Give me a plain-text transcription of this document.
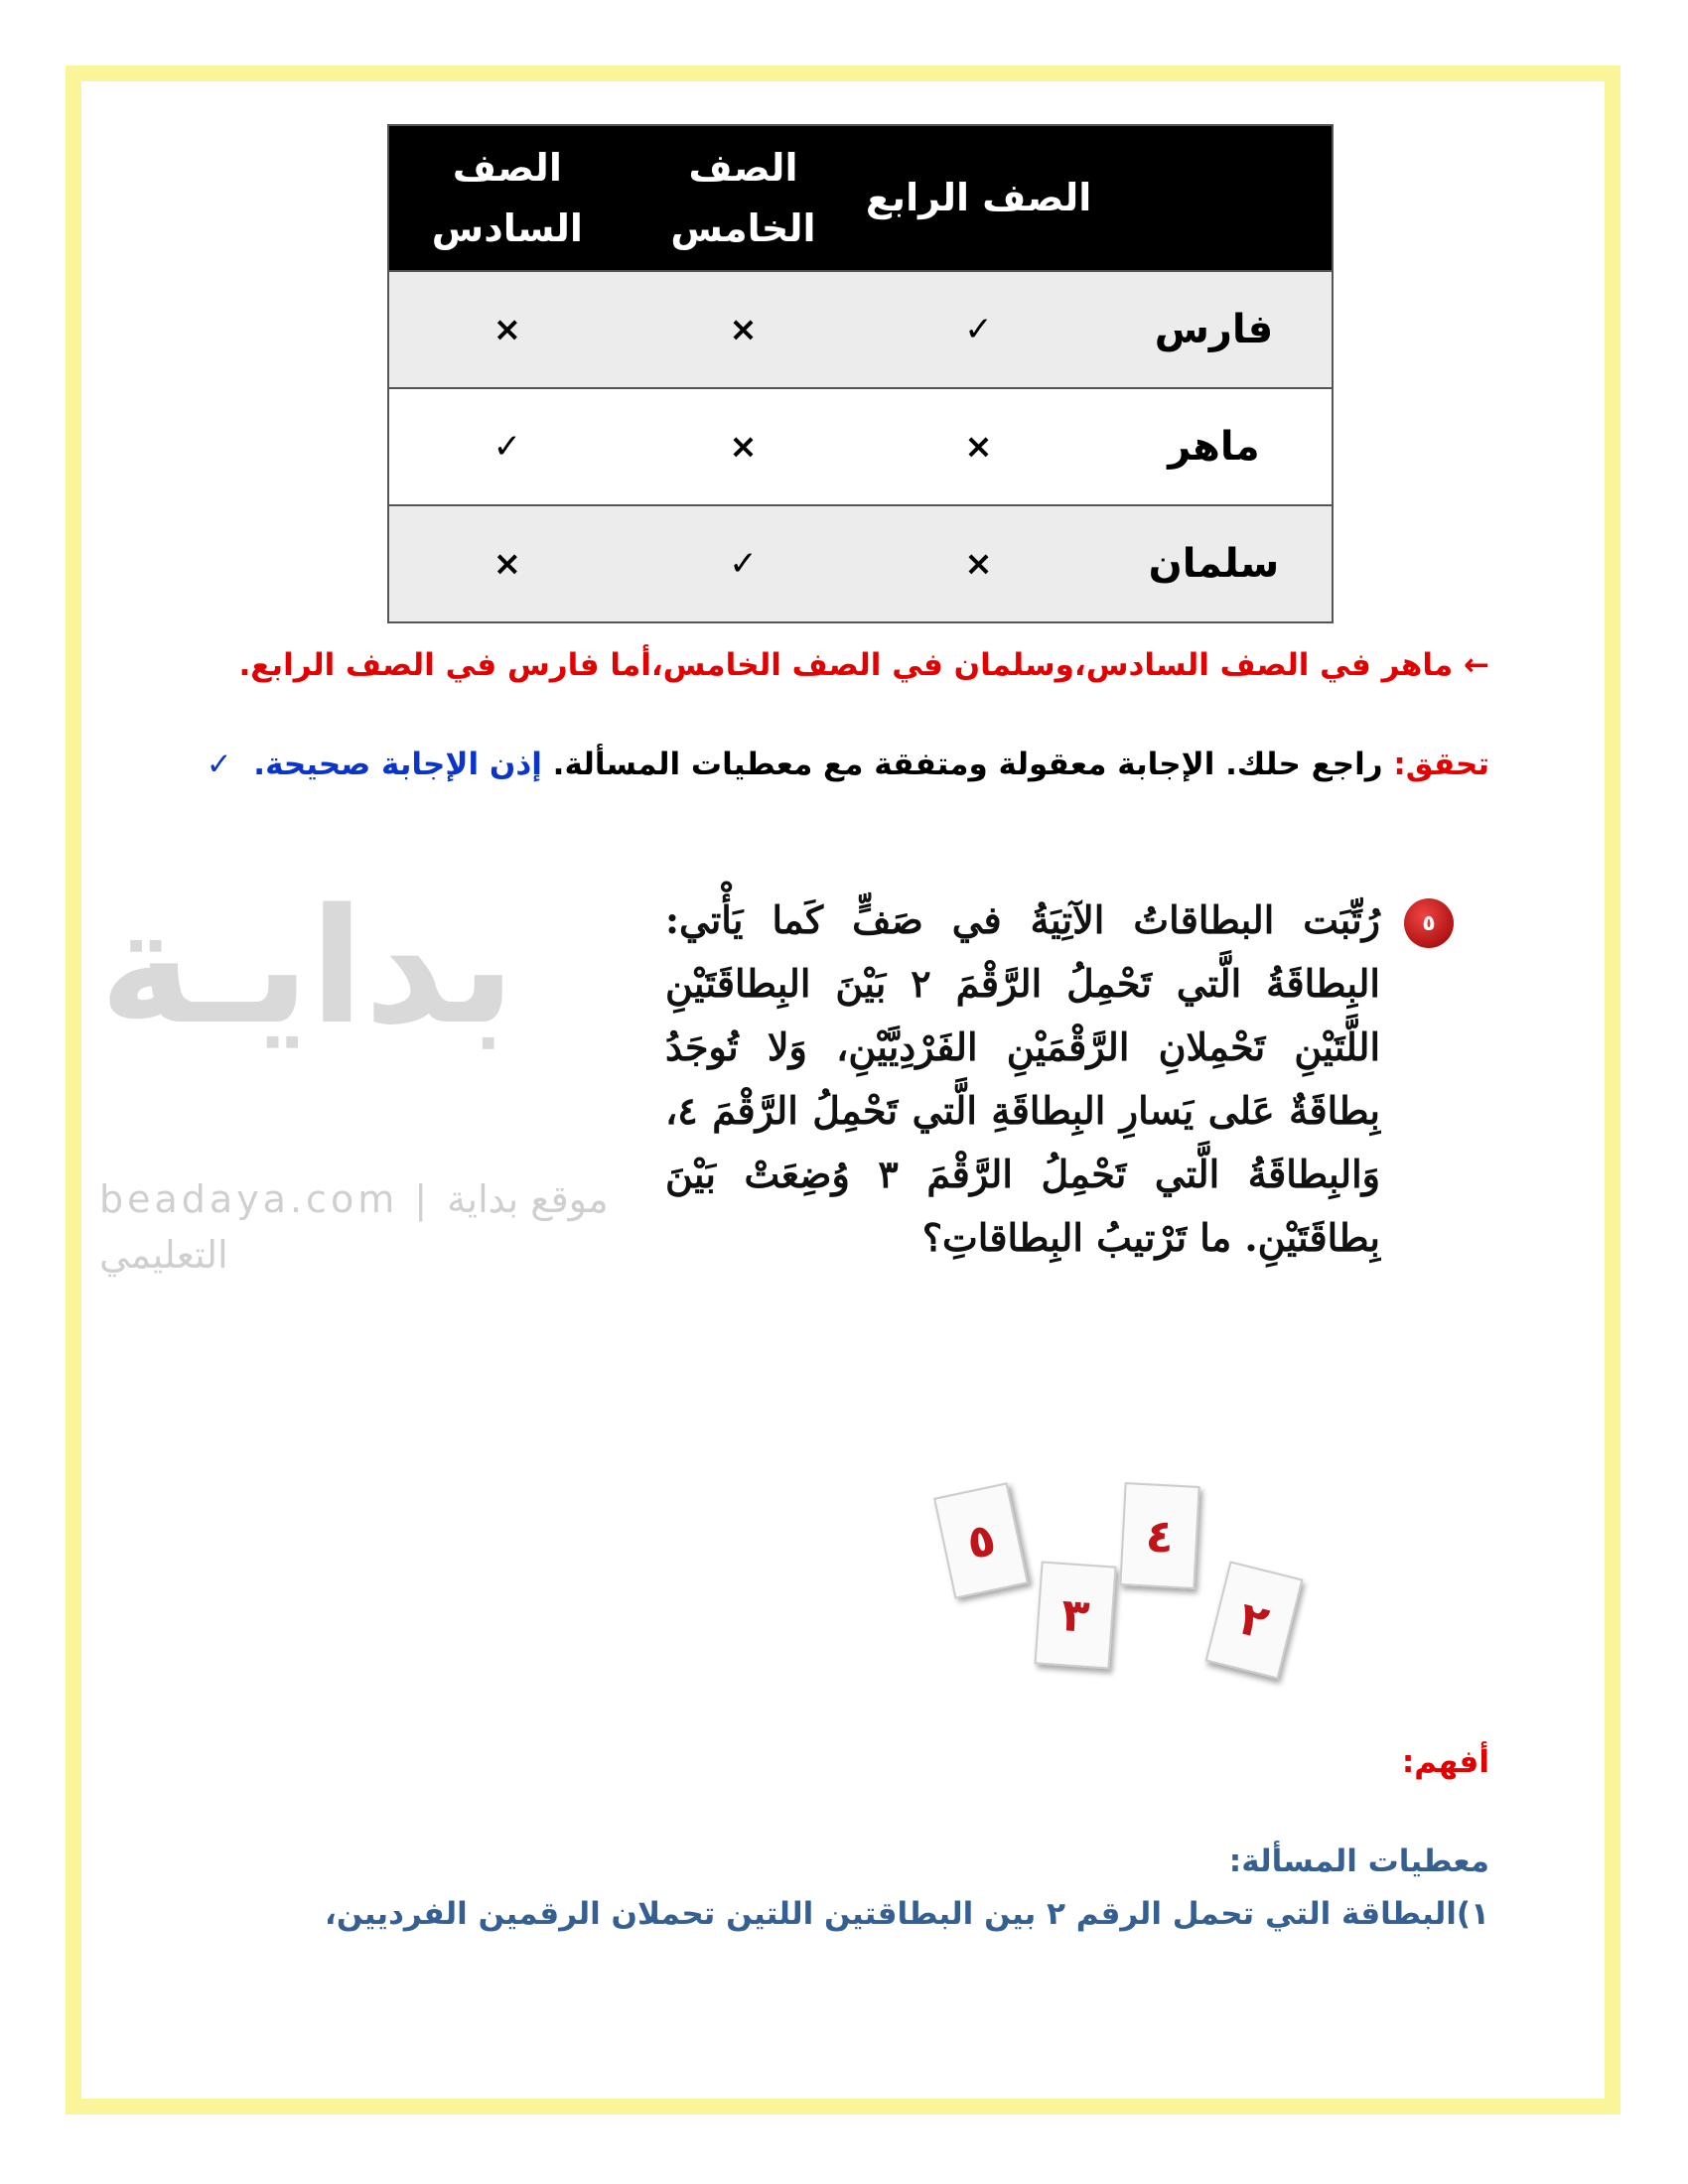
بدايـة
beadaya.com | موقع بداية التعليمي
	الصف الرابع	الصف الخامس	الصف السادس
فارس	✓	×	×
ماهر	×	×	✓
سلمان	×	✓	×
← ماهر في الصف السادس،وسلمان في الصف الخامس،أما فارس في الصف الرابع.
تحقق: راجع حلك. الإجابة معقولة ومتفقة مع معطيات المسألة. إذن الإجابة صحيحة.  ✓
٥
رُتِّبَت البطاقاتُ الآتِيَةُ في صَفٍّ كَما يَأْتي: البِطاقَةُ الَّتي تَحْمِلُ الرَّقْمَ ٢ بَيْنَ البِطاقَتَيْنِ اللَّتَيْنِ تَحْمِلانِ الرَّقْمَيْنِ الفَرْدِيَّيْنِ، وَلا تُوجَدُ بِطاقَةٌ عَلى يَسارِ البِطاقَةِ الَّتي تَحْمِلُ الرَّقْمَ ٤، وَالبِطاقَةُ الَّتي تَحْمِلُ الرَّقْمَ ٣ وُضِعَتْ بَيْنَ بِطاقَتَيْنِ. ما تَرْتيبُ البِطاقاتِ؟
٥
٣
٤
٢
أفهم:
معطيات المسألة:
١)البطاقة التي تحمل الرقم ٢ بين البطاقتين اللتين تحملان الرقمين الفرديين،
